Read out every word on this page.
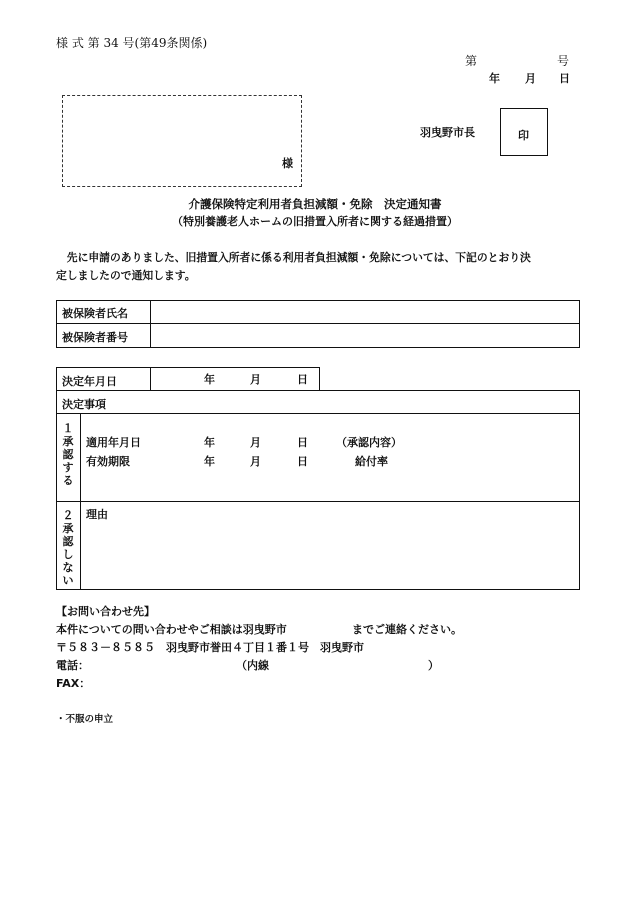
様 式 第 34 号(第49条関係)
第	号
年 月 日
様
羽曳野市長	印
介護保険特定利用者負担減額・免除　決定通知書
（特別養護老人ホームの旧措置入所者に関する経過措置）
　先に申請のありました、旧措置入所者に係る利用者負担減額・免除については、下記のとおり決
定しましたので通知します。
被保険者氏名
被保険者番号
決定年月日	年	月	日
決定事項
１承認する
適用年月日	年	月	日	（承認内容）
有効期限	年	月	日	給付率
２承認しない
理由
【お問い合わせ先】
本件についての問い合わせやご相談は羽曳野市	までご連絡ください。
〒５８３－８５８５　羽曳野市誉田４丁目１番１号　羽曳野市
電話：	（内線	）
FAX：
・不服の申立
